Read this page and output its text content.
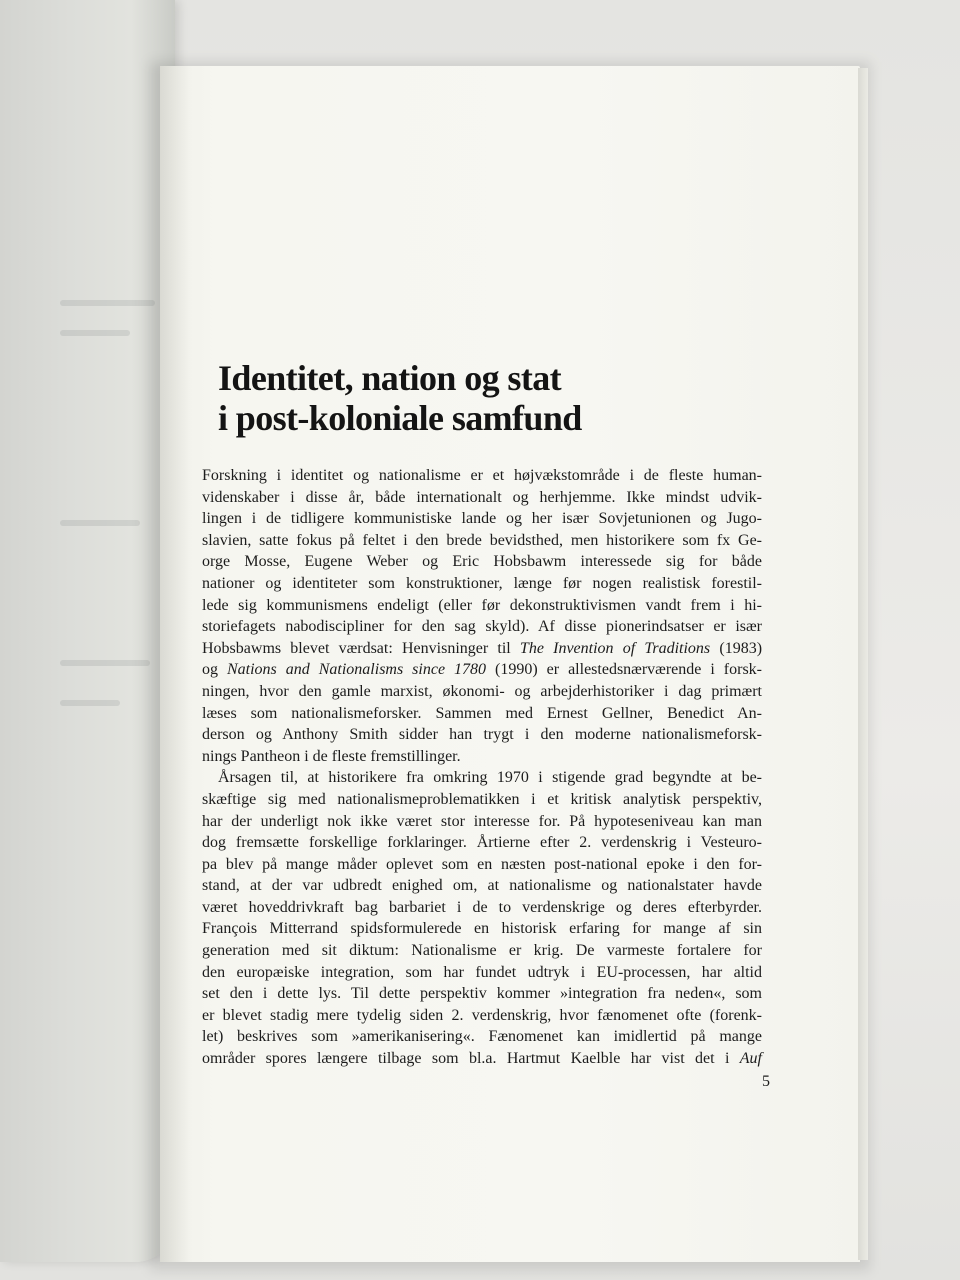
Identitet, nation og stat
i post-koloniale samfund
Forskning i identitet og nationalisme er et højvækstområde i de fleste human-
videnskaber i disse år, både internationalt og herhjemme. Ikke mindst udvik-
lingen i de tidligere kommunistiske lande og her især Sovjetunionen og Jugo-
slavien, satte fokus på feltet i den brede bevidsthed, men historikere som fx Ge-
orge Mosse, Eugene Weber og Eric Hobsbawm interessede sig for både
nationer og identiteter som konstruktioner, længe før nogen realistisk forestil-
lede sig kommunismens endeligt (eller før dekonstruktivismen vandt frem i hi-
storiefagets nabodiscipliner for den sag skyld). Af disse pionerindsatser er især
Hobsbawms blevet værdsat: Henvisninger til The Invention of Traditions (1983)
og Nations and Nationalisms since 1780 (1990) er allestedsnærværende i forsk-
ningen, hvor den gamle marxist, økonomi- og arbejderhistoriker i dag primært
læses som nationalismeforsker. Sammen med Ernest Gellner, Benedict An-
derson og Anthony Smith sidder han trygt i den moderne nationalismeforsk-
nings Pantheon i de fleste fremstillinger.
Årsagen til, at historikere fra omkring 1970 i stigende grad begyndte at be-
skæftige sig med nationalismeproblematikken i et kritisk analytisk perspektiv,
har der underligt nok ikke været stor interesse for. På hypoteseniveau kan man
dog fremsætte forskellige forklaringer. Årtierne efter 2. verdenskrig i Vesteuro-
pa blev på mange måder oplevet som en næsten post-national epoke i den for-
stand, at der var udbredt enighed om, at nationalisme og nationalstater havde
været hoveddrivkraft bag barbariet i de to verdenskrige og deres efterbyrder.
François Mitterrand spidsformulerede en historisk erfaring for mange af sin
generation med sit diktum: Nationalisme er krig. De varmeste fortalere for
den europæiske integration, som har fundet udtryk i EU-processen, har altid
set den i dette lys. Til dette perspektiv kommer »integration fra neden«, som
er blevet stadig mere tydelig siden 2. verdenskrig, hvor fænomenet ofte (forenk-
let) beskrives som »amerikanisering«. Fænomenet kan imidlertid på mange
områder spores længere tilbage som bl.a. Hartmut Kaelble har vist det i Auf
5
